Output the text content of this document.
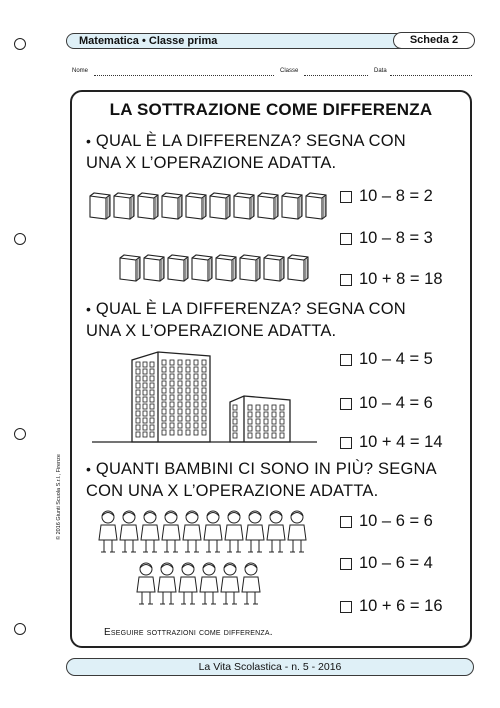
Matematica • Classe prima	Scheda 2
Nome	Classe	Data
LA SOTTRAZIONE COME DIFFERENZA
• QUAL È LA DIFFERENZA? SEGNA CON
UNA X L’OPERAZIONE ADATTA.
10 – 8 = 2
10 – 8 = 3
10 + 8 = 18
• QUAL È LA DIFFERENZA? SEGNA CON
UNA X L’OPERAZIONE ADATTA.
10 – 4 = 5
10 – 4 = 6
10 + 4 = 14
• QUANTI BAMBINI CI SONO IN PIÙ? SEGNA
CON UNA X L’OPERAZIONE ADATTA.
10 – 6 = 6
10 – 6 = 4
10 + 6 = 16
Eseguire sottrazioni come differenza.
© 2016 Giunti Scuola S.r.l., Firenze
La Vita Scolastica - n. 5 - 2016
